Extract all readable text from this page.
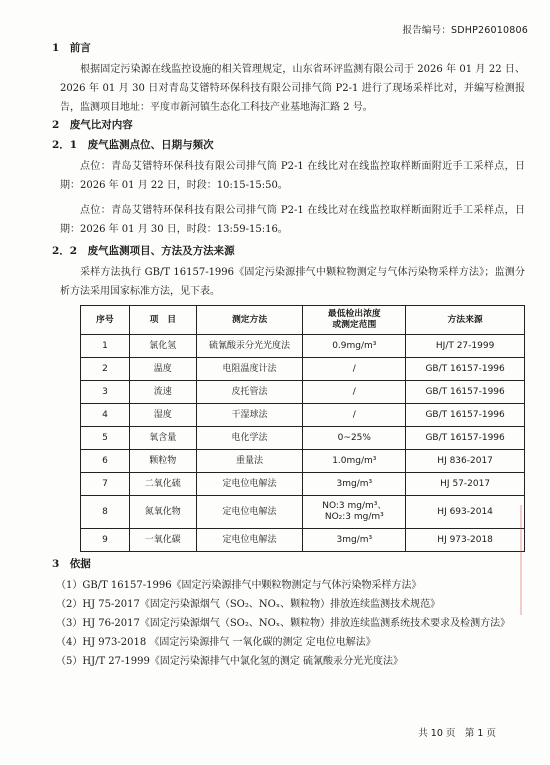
报告编号：SDHP26010806

1　前言

根据固定污染源在线监控设施的相关管理规定，山东省环评监测有限公司于 2026 年 01 月 22 日、2026 年 01 月 30 日对青岛艾镨特环保科技有限公司排气筒 P2-1 进行了现场采样比对，并编写检测报告，监测项目地址：平度市新河镇生态化工科技产业基地海汇路 2 号。

2　废气比对内容

2．1　废气监测点位、日期与频次

点位：青岛艾镨特环保科技有限公司排气筒 P2-1 在线比对在线监控取样断面附近手工采样点，日期：2026 年 01 月 22 日，时段：10:15-15:50。

点位：青岛艾镨特环保科技有限公司排气筒 P2-1 在线比对在线监控取样断面附近手工采样点，日期：2026 年 01 月 30 日，时段：13:59-15:16。

2．2　废气监测项目、方法及方法来源

采样方法执行 GB/T 16157-1996《固定污染源排气中颗粒物测定与气体污染物采样方法》；监测分析方法采用国家标准方法，见下表。

序号	项　目	测定方法	最低检出浓度
或测定范围	方法来源
1	氯化氢	硫氰酸汞分光光度法	0.9mg/m³	HJ/T 27-1999
2	温度	电阻温度计法	/	GB/T 16157-1996
3	流速	皮托管法	/	GB/T 16157-1996
4	湿度	干湿球法	/	GB/T 16157-1996
5	氧含量	电化学法	0~25%	GB/T 16157-1996
6	颗粒物	重量法	1.0mg/m³	HJ 836-2017
7	二氧化硫	定电位电解法	3mg/m³	HJ 57-2017
8	氮氧化物	定电位电解法	NO:3 mg/m³、
NO₂:3 mg/m³	HJ 693-2014
9	一氧化碳	定电位电解法	3mg/m³	HJ 973-2018

3　依据

（1）GB/T 16157-1996《固定污染源排气中颗粒物测定与气体污染物采样方法》

（2）HJ 75-2017《固定污染源烟气（SO₂、NOₓ、颗粒物）排放连续监测技术规范》

（3）HJ 76-2017《固定污染源烟气（SO₂、NOₓ、颗粒物）排放连续监测系统技术要求及检测方法》

（4）HJ 973-2018 《固定污染源排气 一氧化碳的测定 定电位电解法》

（5）HJ/T 27-1999《固定污染源排气中氯化氢的测定 硫氰酸汞分光光度法》

共 10 页　第 1 页
